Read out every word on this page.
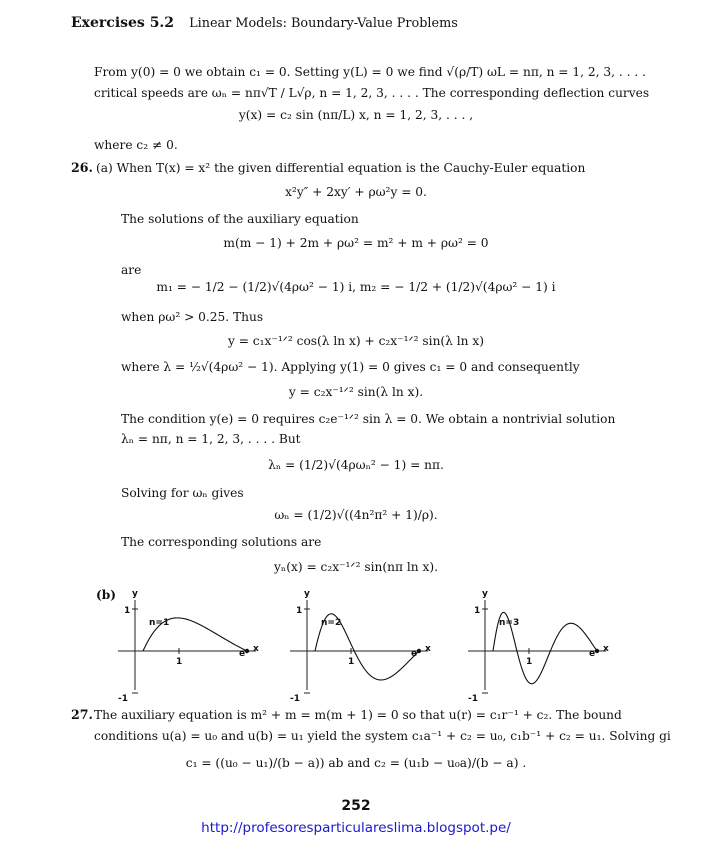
Exercises 5.2 Linear Models: Boundary-Value Problems
From y(0) = 0 we obtain c₁ = 0. Setting y(L) = 0 we find √(ρ/T) ωL = nπ, n = 1, 2, 3, . . . .
critical speeds are ωₙ = nπ√T / L√ρ, n = 1, 2, 3, . . . . The corresponding deflection curves
y(x) = c₂ sin (nπ/L) x, n = 1, 2, 3, . . . ,
where c₂ ≠ 0.
26. (a) When T(x) = x² the given differential equation is the Cauchy-Euler equation
x²y″ + 2xy′ + ρω²y = 0.
The solutions of the auxiliary equation
m(m − 1) + 2m + ρω² = m² + m + ρω² = 0
are
m₁ = − 1/2 − (1/2)√(4ρω² − 1) i, m₂ = − 1/2 + (1/2)√(4ρω² − 1) i
when ρω² > 0.25. Thus
y = c₁x⁻¹ᐟ² cos(λ ln x) + c₂x⁻¹ᐟ² sin(λ ln x)
where λ = ½√(4ρω² − 1). Applying y(1) = 0 gives c₁ = 0 and consequently
y = c₂x⁻¹ᐟ² sin(λ ln x).
The condition y(e) = 0 requires c₂e⁻¹ᐟ² sin λ = 0. We obtain a nontrivial solution
λₙ = nπ, n = 1, 2, 3, . . . . But
λₙ = (1/2)√(4ρωₙ² − 1) = nπ.
Solving for ωₙ gives
ωₙ = (1/2)√((4n²π² + 1)/ρ).
The corresponding solutions are
yₙ(x) = c₂x⁻¹ᐟ² sin(nπ ln x).
(b) y
1
-1
1
n=1
e x
y
1
-1
1
n=2
e x
y
1
-1
1
n=3
e x
27. The auxiliary equation is m² + m = m(m + 1) = 0 so that u(r) = c₁r⁻¹ + c₂. The bound
conditions u(a) = u₀ and u(b) = u₁ yield the system c₁a⁻¹ + c₂ = u₀, c₁b⁻¹ + c₂ = u₁. Solving gi
c₁ = ((u₀ − u₁)/(b − a)) ab and c₂ = (u₁b − u₀a)/(b − a) .
252
http://profesoresparticulareslima.blogspot.pe/
